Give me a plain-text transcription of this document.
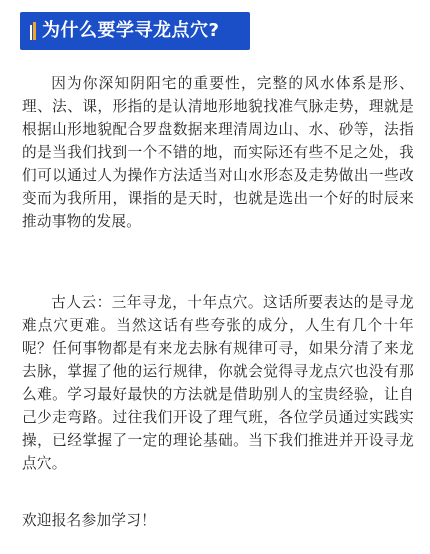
为什么要学寻龙点穴?
因为你深知阴阳宅的重要性，完整的风水体系是形、理、法、课，形指的是认清地形地貌找准气脉走势，理就是根据山形地貌配合罗盘数据来理清周边山、水、砂等，法指的是当我们找到一个不错的地，而实际还有些不足之处，我们可以通过人为操作方法适当对山水形态及走势做出一些改变而为我所用，课指的是天时，也就是选出一个好的时辰来推动事物的发展。
古人云：三年寻龙，十年点穴。这话所要表达的是寻龙难点穴更难。当然这话有些夸张的成分，人生有几个十年呢？任何事物都是有来龙去脉有规律可寻，如果分清了来龙去脉，掌握了他的运行规律，你就会觉得寻龙点穴也没有那么难。学习最好最快的方法就是借助别人的宝贵经验，让自己少走弯路。过往我们开设了理气班，各位学员通过实践实操，已经掌握了一定的理论基础。当下我们推进并开设寻龙点穴。
欢迎报名参加学习！
